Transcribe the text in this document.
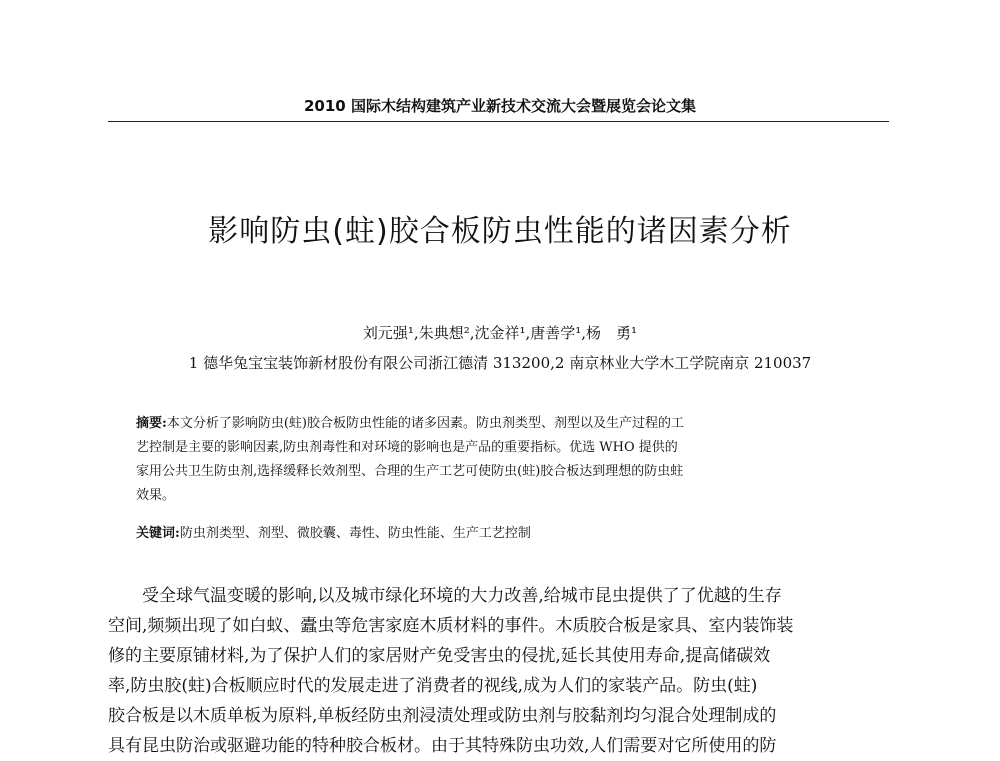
2010 国际木结构建筑产业新技术交流大会暨展览会论文集
影响防虫(蛀)胶合板防虫性能的诸因素分析
刘元强¹,朱典想²,沈金祥¹,唐善学¹,杨　勇¹
1 德华兔宝宝装饰新材股份有限公司浙江德清 313200,2 南京林业大学木工学院南京 210037
摘要:本文分析了影响防虫(蛀)胶合板防虫性能的诸多因素。防虫剂类型、剂型以及生产过程的工
艺控制是主要的影响因素,防虫剂毒性和对环境的影响也是产品的重要指标。优选 WHO 提供的
家用公共卫生防虫剂,选择缓释长效剂型、合理的生产工艺可使防虫(蛀)胶合板达到理想的防虫蛀
效果。
关键词:防虫剂类型、剂型、微胶囊、毒性、防虫性能、生产工艺控制
受全球气温变暖的影响,以及城市绿化环境的大力改善,给城市昆虫提供了了优越的生存
空间,频频出现了如白蚁、蠹虫等危害家庭木质材料的事件。木质胶合板是家具、室内装饰装
修的主要原铺材料,为了保护人们的家居财产免受害虫的侵扰,延长其使用寿命,提高储碳效
率,防虫胶(蛀)合板顺应时代的发展走进了消费者的视线,成为人们的家装产品。防虫(蛀)
胶合板是以木质单板为原料,单板经防虫剂浸渍处理或防虫剂与胶黏剂均匀混合处理制成的
具有昆虫防治或驱避功能的特种胶合板材。由于其特殊防虫功效,人们需要对它所使用的防
